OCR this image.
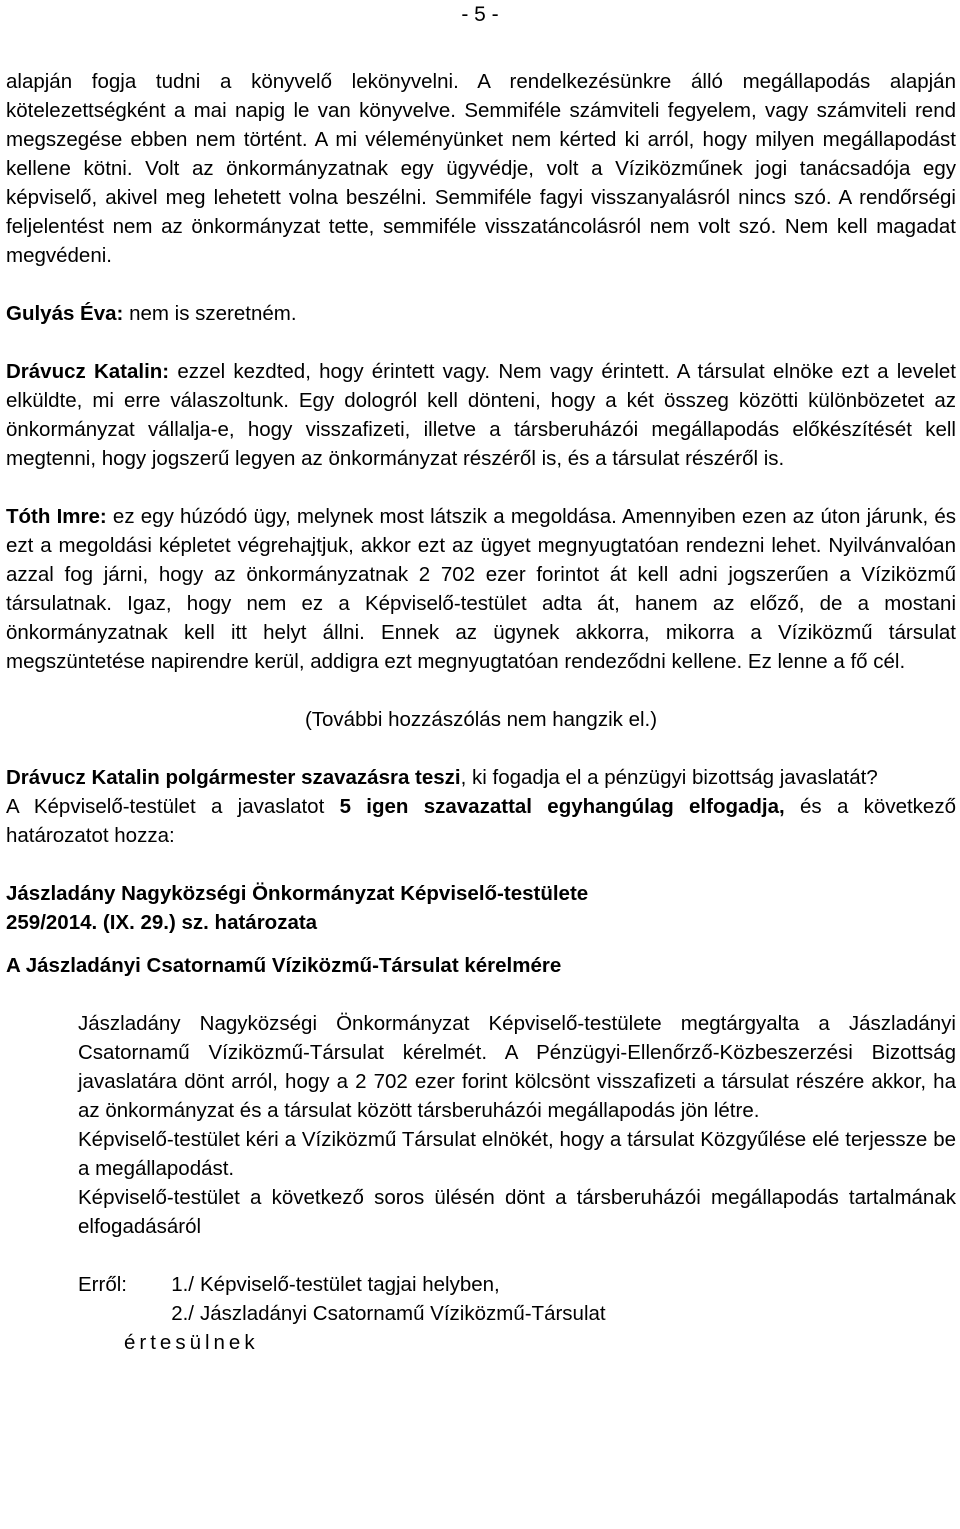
- 5 -

alapján fogja tudni a könyvelő lekönyvelni. A rendelkezésünkre álló megállapodás alapján kötelezettségként a mai napig le van könyvelve. Semmiféle számviteli fegyelem, vagy számviteli rend megszegése ebben nem történt. A mi véleményünket nem kérted ki arról, hogy milyen megállapodást kellene kötni. Volt az önkormányzatnak egy ügyvédje, volt a Víziközműnek jogi tanácsadója egy képviselő, akivel meg lehetett volna beszélni. Semmiféle fagyi visszanyalásról nincs szó. A rendőrségi feljelentést nem az önkormányzat tette, semmiféle visszatáncolásról nem volt szó. Nem kell magadat megvédeni.

Gulyás Éva: nem is szeretném.

Drávucz Katalin: ezzel kezdted, hogy érintett vagy. Nem vagy érintett. A társulat elnöke ezt a levelet elküldte, mi erre válaszoltunk. Egy dologról kell dönteni, hogy a két összeg közötti különbözetet az önkormányzat vállalja-e, hogy visszafizeti, illetve a társberuházói megállapodás előkészítését kell megtenni, hogy jogszerű legyen az önkormányzat részéről is, és a társulat részéről is.

Tóth Imre: ez egy húzódó ügy, melynek most látszik a megoldása. Amennyiben ezen az úton járunk, és ezt a megoldási képletet végrehajtjuk, akkor ezt az ügyet megnyugtatóan rendezni lehet. Nyilvánvalóan azzal fog járni, hogy az önkormányzatnak 2 702 ezer forintot át kell adni jogszerűen a Víziközmű társulatnak. Igaz, hogy nem ez a Képviselő-testület adta át, hanem az előző, de a mostani önkormányzatnak kell itt helyt állni. Ennek az ügynek akkorra, mikorra a Víziközmű társulat megszüntetése napirendre kerül, addigra ezt megnyugtatóan rendeződni kellene. Ez lenne a fő cél.

(További hozzászólás nem hangzik el.)

Drávucz Katalin polgármester szavazásra teszi, ki fogadja el a pénzügyi bizottság javaslatát?

A Képviselő-testület a javaslatot 5 igen szavazattal egyhangúlag elfogadja, és a következő határozatot hozza:

Jászladány Nagyközségi Önkormányzat Képviselő-testülete

259/2014. (IX. 29.) sz. határozata

A Jászladányi Csatornamű Víziközmű-Társulat kérelmére

Jászladány Nagyközségi Önkormányzat Képviselő-testülete megtárgyalta a Jászladányi Csatornamű Víziközmű-Társulat kérelmét. A Pénzügyi-Ellenőrző-Közbeszerzési Bizottság javaslatára dönt arról, hogy a 2 702 ezer forint kölcsönt visszafizeti a társulat részére akkor, ha az önkormányzat és a társulat között társberuházói megállapodás jön létre.

Képviselő-testület kéri a Víziközmű Társulat elnökét, hogy a társulat Közgyűlése elé terjessze be a megállapodást.

Képviselő-testület a következő soros ülésén dönt a társberuházói megállapodás tartalmának elfogadásáról

Erről:	1./ Képviselő-testület tagjai helyben,
2./ Jászladányi Csatornamű Víziközmű-Társulat
értesülnek
